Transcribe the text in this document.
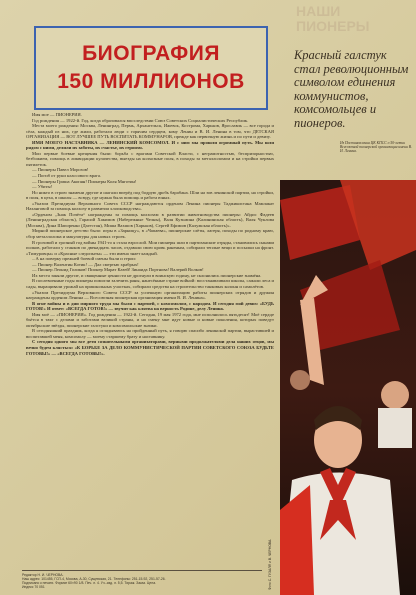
НАШИ ПИОНЕРЫ
БИОГРАФИЯ
150 МИЛЛИОНОВ

Имя мое — ПИОНЕРИЯ.

Год рождения — 1922-й. Год, когда образовался впоследствии Союз Советских Социалистических Республик.

Места моего рождения: Москва, Ленинград, Пермь, Архангельск, Ижевск, Кострома, Харьков, Ярославль — все города и сёла, каждый из них, где жили, работали люди с горячим сердцем, кому Ленин и В. И. Ленина в том, что ДЕТСКАЯ ОРГАНИЗАЦИЯ — ВОТ ЛУЧШЕЕ ПУТЬ ВОСПИТАТЬ КОММУНАРОВ, прежде как первичную жизнь и по пути и девизу.

ИМЯ МОЕГО НАСТАВНИКА — ЛЕНИНСКИЙ КОМСОМОЛ. И с ним мы прошли огромный путь. Мы шли рядом с ними, делили их заботы, их счастье, их героизм.

Мои первые боевые крещения были: борьба с врагами Советской Власти, с неграмотностью, беспризорностью, безбожием, помощь в ликвидации кулачества, выезды на колхозные поля, в походы за металлоломом и на стройки первых пятилеток.

— Пионеры Павел Морозов!

— Погиб от руки классового врага.

— Пионеры Гриша Акопян! Пионеры Коля Мяготин!

— Убиты!

Но никто в строю знамени другие и шагали вперёд под бодрую дробь барабана. Шли на зов ленинской партии, на стройки, в поля, в цеха, в школы — всюду, где нужна была помощь и работа юных.

«Указом Президиума Верховного Совета СССР награждаются орденом Ленина пионеры Таджикистана Мамлакат Наханговой за помощь колхозу в развитии хлопководства».

«Орденом „Знак Почёта“ награждены за помощь колхозам в развитии животноводства пионеры: Айдис Фадеев (Ленинградская область), Гарасий Хакимов (Набережные Челны), Валя Кузьмина (Калининская область), Валя Чуклова (Москва), Дина Шапоренко (Дагестан), Миша Вахшов (Харьков), Сергей Ефимов (Калужская область)».

Мирной пионерское детство было: игры в «Зарницу», в «Чапаева», пионерские слёты, лагеря, походы по родному краю, сбор металлолома и макулатуры для новых строек.

В грозовой и грозный год войны 1941-го я стала взрослой. Мои пионеры шли в партизанские отряды, становились сынами полков, работали у станков по двенадцать часов, отдавали свою кровь раненым, собирали теплые вещи и посылки на фронт. «Тимуровцы» и «Красные следопыты» — эти имена знает каждый.

...А на поверку прежней боевой смены были и герои:

— Пионер Валентин Котик! — Дал смертью храбрых!

— Пионер Леонид Голиков! Пионер Марат Казей! Зинаида Портнова! Валерий Волков!

Их места заняли другие, и священные ценности не дрогнули в воинскую годину, не склонились пионерские знамёна.

В послевоенные годы пионеры помогли залечить раны, нанесённые стране войной: восстанавливали школы, сажали леса и сады, выращивали урожай на пришкольных участках, собирали средства на строительство танковых колонн и самолётов.

«Указом Президиума Верховного Совета СССР за успешную организацию работы пионерских отрядов и дружин награждены орденом Ленина — Всесоюзная пионерская организация имени В. И. Ленина».

В огне войны и в дни мирного труда мы были с партией, с комсомолом, с народом. И сегодня мой девиз: «БУДЬ ГОТОВ!» И ответ: «ВСЕГДА ГОТОВ!» — звучит как клятва на верность Родине, делу Ленина.

Имя моё — «ПИОНЕРИЯ». Год рождения — 1922-й. Сегодня, 19 мая 1972 года, мне исполнилось пятьдесят! Моё сердце бьётся в такт с делами и заботами великой страны, и на смену мне идут новые и новые поколения, которых поведут октябрьские звёзды, пионерские галстуки и комсомольские значки.

В сегодняшний праздник, когда я оглядываюсь на пройденный путь, я говорю спасибо ленинской партии, вырастившей и воспитавшей меня, комсомолу — моему старшему брату и наставнику.

С сегодня одного мы все дети сознательными организаторами, верными продолжателями дела наших отцов, мы вечно будем клясться: «К БОРЬБЕ ЗА ДЕЛО КОММУНИСТИЧЕСКОЙ ПАРТИИ СОВЕТСКОГО СОЮЗА БУДЬТЕ ГОТОВЫ!» — «ВСЕГДА ГОТОВЫ!».

Красный галстук стал революционным символом единения коммунистов, комсомольцев и пионеров.
Из Постановления ЦК КПСС о 50-летии Всесоюзной пионерской организации имени В. И. Ленина.
Фото С. ГУЗАЛЯ и В. ЧЕРНОВА.
Редактор Н. И. ЧЕРНОВА.
Наш адрес: 101455, ГСП-4, Москва, А-30, Сущевская, 21. Телефоны: 251-15-92, 251-57-26.
Подписано к печати. Формат 60×90 1/8. Печ. л. 4. Уч.-изд. л. 5,5. Тираж. Заказ. Цена.
Индекс 70 051
